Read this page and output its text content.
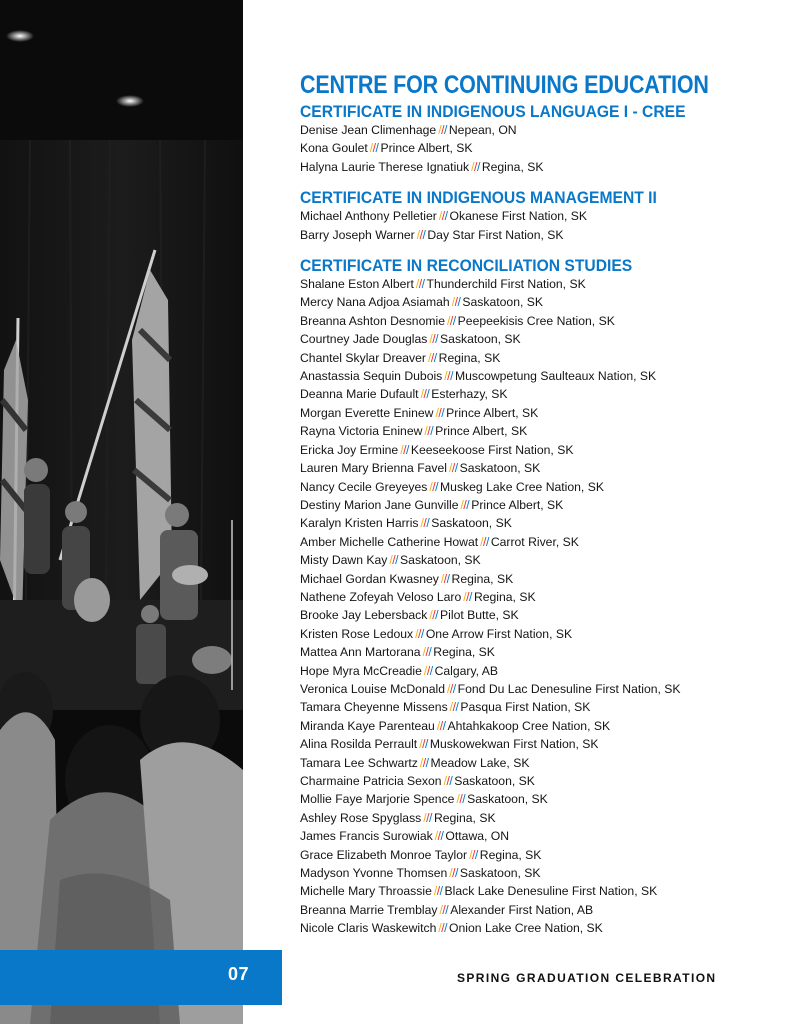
CENTRE FOR CONTINUING EDUCATION
CERTIFICATE IN INDIGENOUS LANGUAGE I - CREE
Denise Jean Climenhage /// Nepean, ON
Kona Goulet /// Prince Albert, SK
Halyna Laurie Therese Ignatiuk /// Regina, SK
CERTIFICATE IN INDIGENOUS MANAGEMENT II
Michael Anthony Pelletier /// Okanese First Nation, SK
Barry Joseph Warner /// Day Star First Nation, SK
CERTIFICATE IN RECONCILIATION STUDIES
Shalane Eston Albert /// Thunderchild First Nation, SK
Mercy Nana Adjoa Asiamah /// Saskatoon, SK
Breanna Ashton Desnomie /// Peepeekisis Cree Nation, SK
Courtney Jade Douglas /// Saskatoon, SK
Chantel Skylar Dreaver /// Regina, SK
Anastassia Sequin Dubois /// Muscowpetung Saulteaux Nation, SK
Deanna Marie Dufault /// Esterhazy, SK
Morgan Everette Eninew /// Prince Albert, SK
Rayna Victoria Eninew /// Prince Albert, SK
Ericka Joy Ermine /// Keeseekoose First Nation, SK
Lauren Mary Brienna Favel /// Saskatoon, SK
Nancy Cecile Greyeyes /// Muskeg Lake Cree Nation, SK
Destiny Marion Jane Gunville /// Prince Albert, SK
Karalyn Kristen Harris /// Saskatoon, SK
Amber Michelle Catherine Howat /// Carrot River, SK
Misty Dawn Kay /// Saskatoon, SK
Michael Gordan Kwasney /// Regina, SK
Nathene Zofeyah Veloso Laro /// Regina, SK
Brooke Jay Lebersback /// Pilot Butte, SK
Kristen Rose Ledoux /// One Arrow First Nation, SK
Mattea Ann Martorana /// Regina, SK
Hope Myra McCreadie /// Calgary, AB
Veronica Louise McDonald /// Fond Du Lac Denesuline First Nation, SK
Tamara Cheyenne Missens /// Pasqua First Nation, SK
Miranda Kaye Parenteau /// Ahtahkakoop Cree Nation, SK
Alina Rosilda Perrault /// Muskowekwan First Nation, SK
Tamara Lee Schwartz /// Meadow Lake, SK
Charmaine Patricia Sexon /// Saskatoon, SK
Mollie Faye Marjorie Spence /// Saskatoon, SK
Ashley Rose Spyglass /// Regina, SK
James Francis Surowiak /// Ottawa, ON
Grace Elizabeth Monroe Taylor /// Regina, SK
Madyson Yvonne Thomsen /// Saskatoon, SK
Michelle Mary Throassie /// Black Lake Denesuline First Nation, SK
Breanna Marrie Tremblay /// Alexander First Nation, AB
Nicole Claris Waskewitch /// Onion Lake Cree Nation, SK
07	SPRING GRADUATION CELEBRATION
